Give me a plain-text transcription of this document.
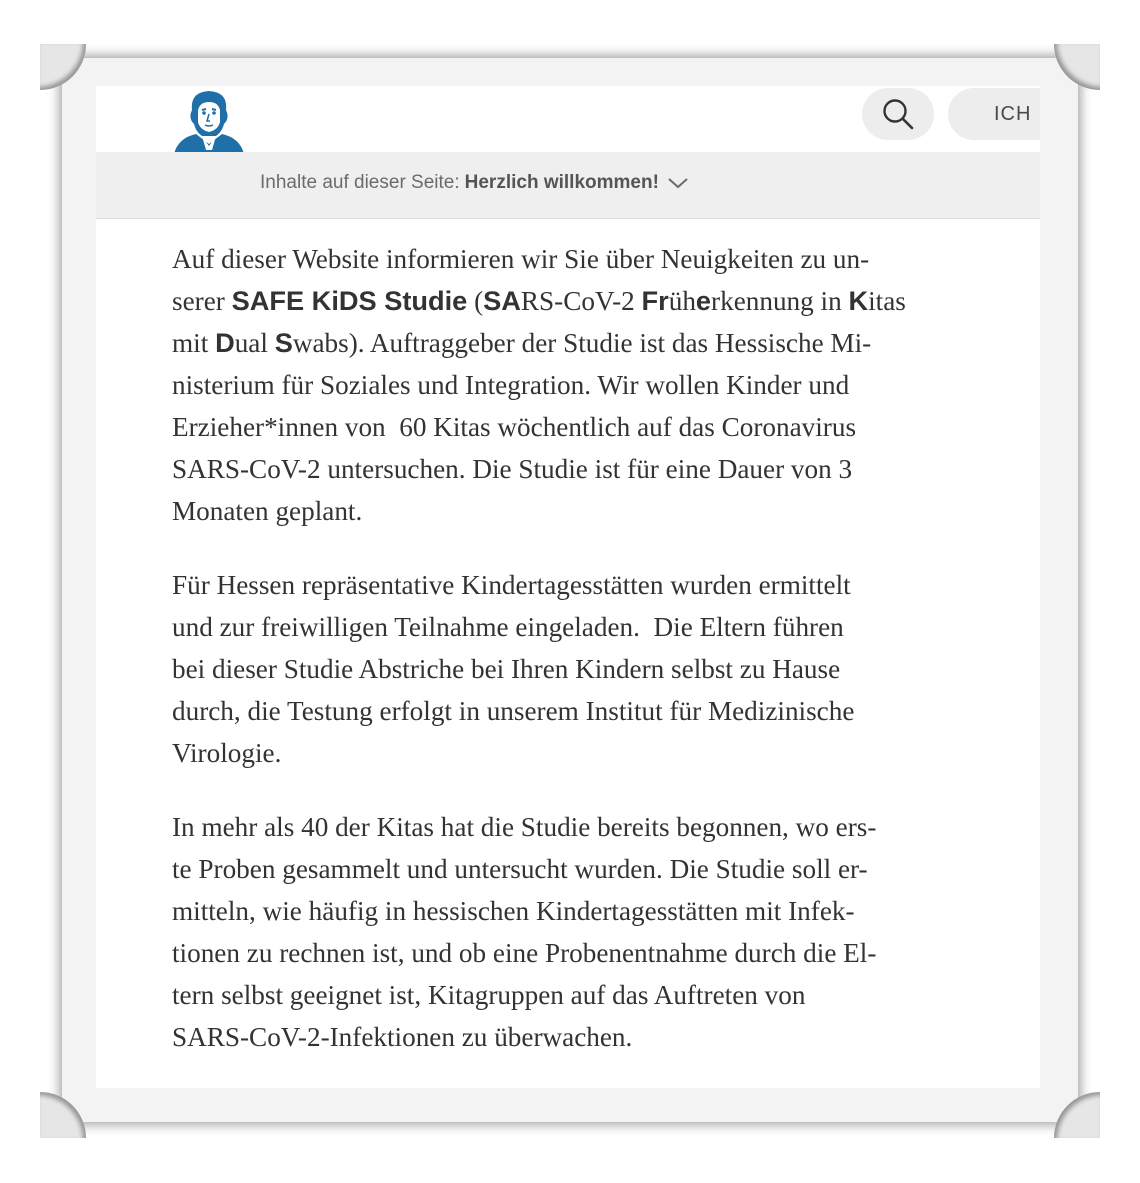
ICH
Inhalte auf dieser Seite: Herzlich willkommen!

Auf dieser Website informieren wir Sie über Neuigkeiten zu un-
serer SAFE KiDS Studie (SARS-CoV-2 Früherkennung in Kitas
mit Dual Swabs). Auftraggeber der Studie ist das Hessische Mi-
nisterium für Soziales und Integration. Wir wollen Kinder und
Erzieher*innen von  60 Kitas wöchentlich auf das Coronavirus
SARS-CoV-2 untersuchen. Die Studie ist für eine Dauer von 3
Monaten geplant.

Für Hessen repräsentative Kindertagesstätten wurden ermittelt
und zur freiwilligen Teilnahme eingeladen.  Die Eltern führen
bei dieser Studie Abstriche bei Ihren Kindern selbst zu Hause
durch, die Testung erfolgt in unserem Institut für Medizinische
Virologie.

In mehr als 40 der Kitas hat die Studie bereits begonnen, wo ers-
te Proben gesammelt und untersucht wurden. Die Studie soll er-
mitteln, wie häufig in hessischen Kindertagesstätten mit Infek-
tionen zu rechnen ist, und ob eine Probenentnahme durch die El-
tern selbst geeignet ist, Kitagruppen auf das Auftreten von
SARS-CoV-2-Infektionen zu überwachen.
